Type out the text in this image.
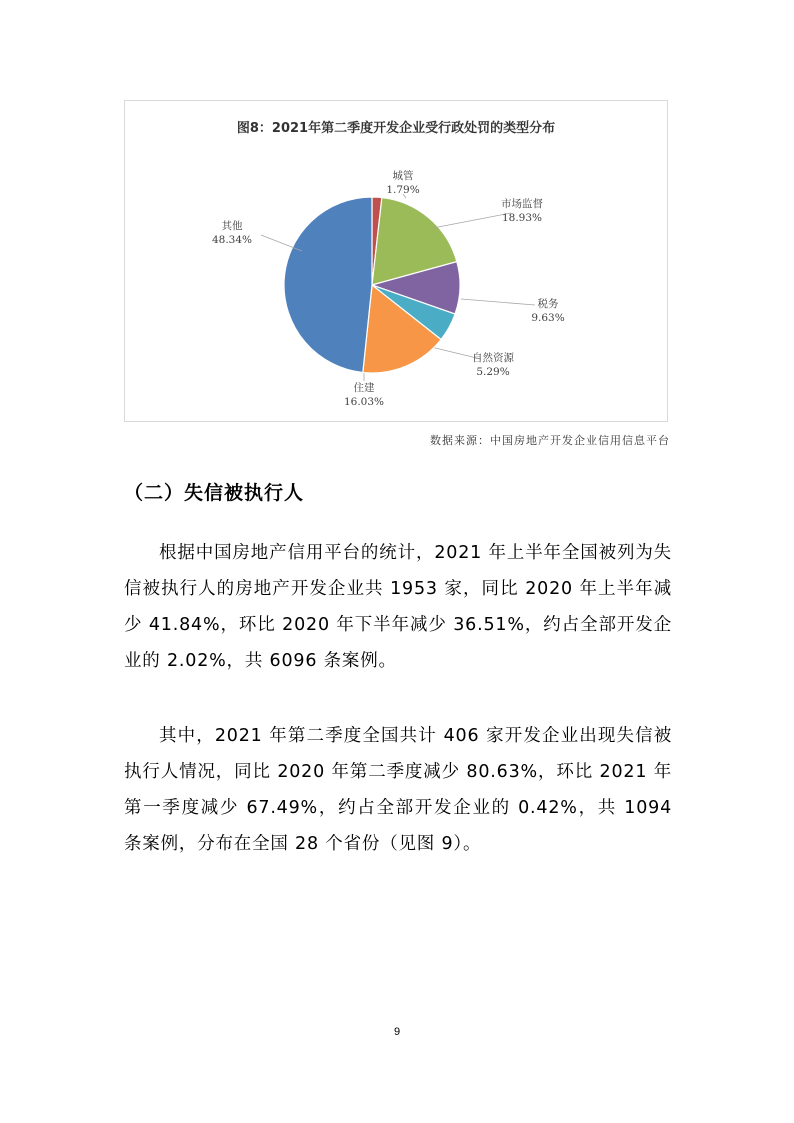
图8：2021年第二季度开发企业受行政处罚的类型分布
城管
1.79%
市场监督
18.93%
税务
9.63%
自然资源
5.29%
住建
16.03%
其他
48.34%
数据来源：中国房地产开发企业信用信息平台
（二）失信被执行人

根据中国房地产信用平台的统计，2021 年上半年全国被列为失信被执行人的房地产开发企业共 1953 家，同比 2020 年上半年减少 41.84%，环比 2020 年下半年减少 36.51%，约占全部开发企业的 2.02%，共 6096 条案例。

其中，2021 年第二季度全国共计 406 家开发企业出现失信被执行人情况，同比 2020 年第二季度减少 80.63%，环比 2021 年第一季度减少 67.49%，约占全部开发企业的 0.42%，共 1094 条案例，分布在全国 28 个省份（见图 9）。

9
